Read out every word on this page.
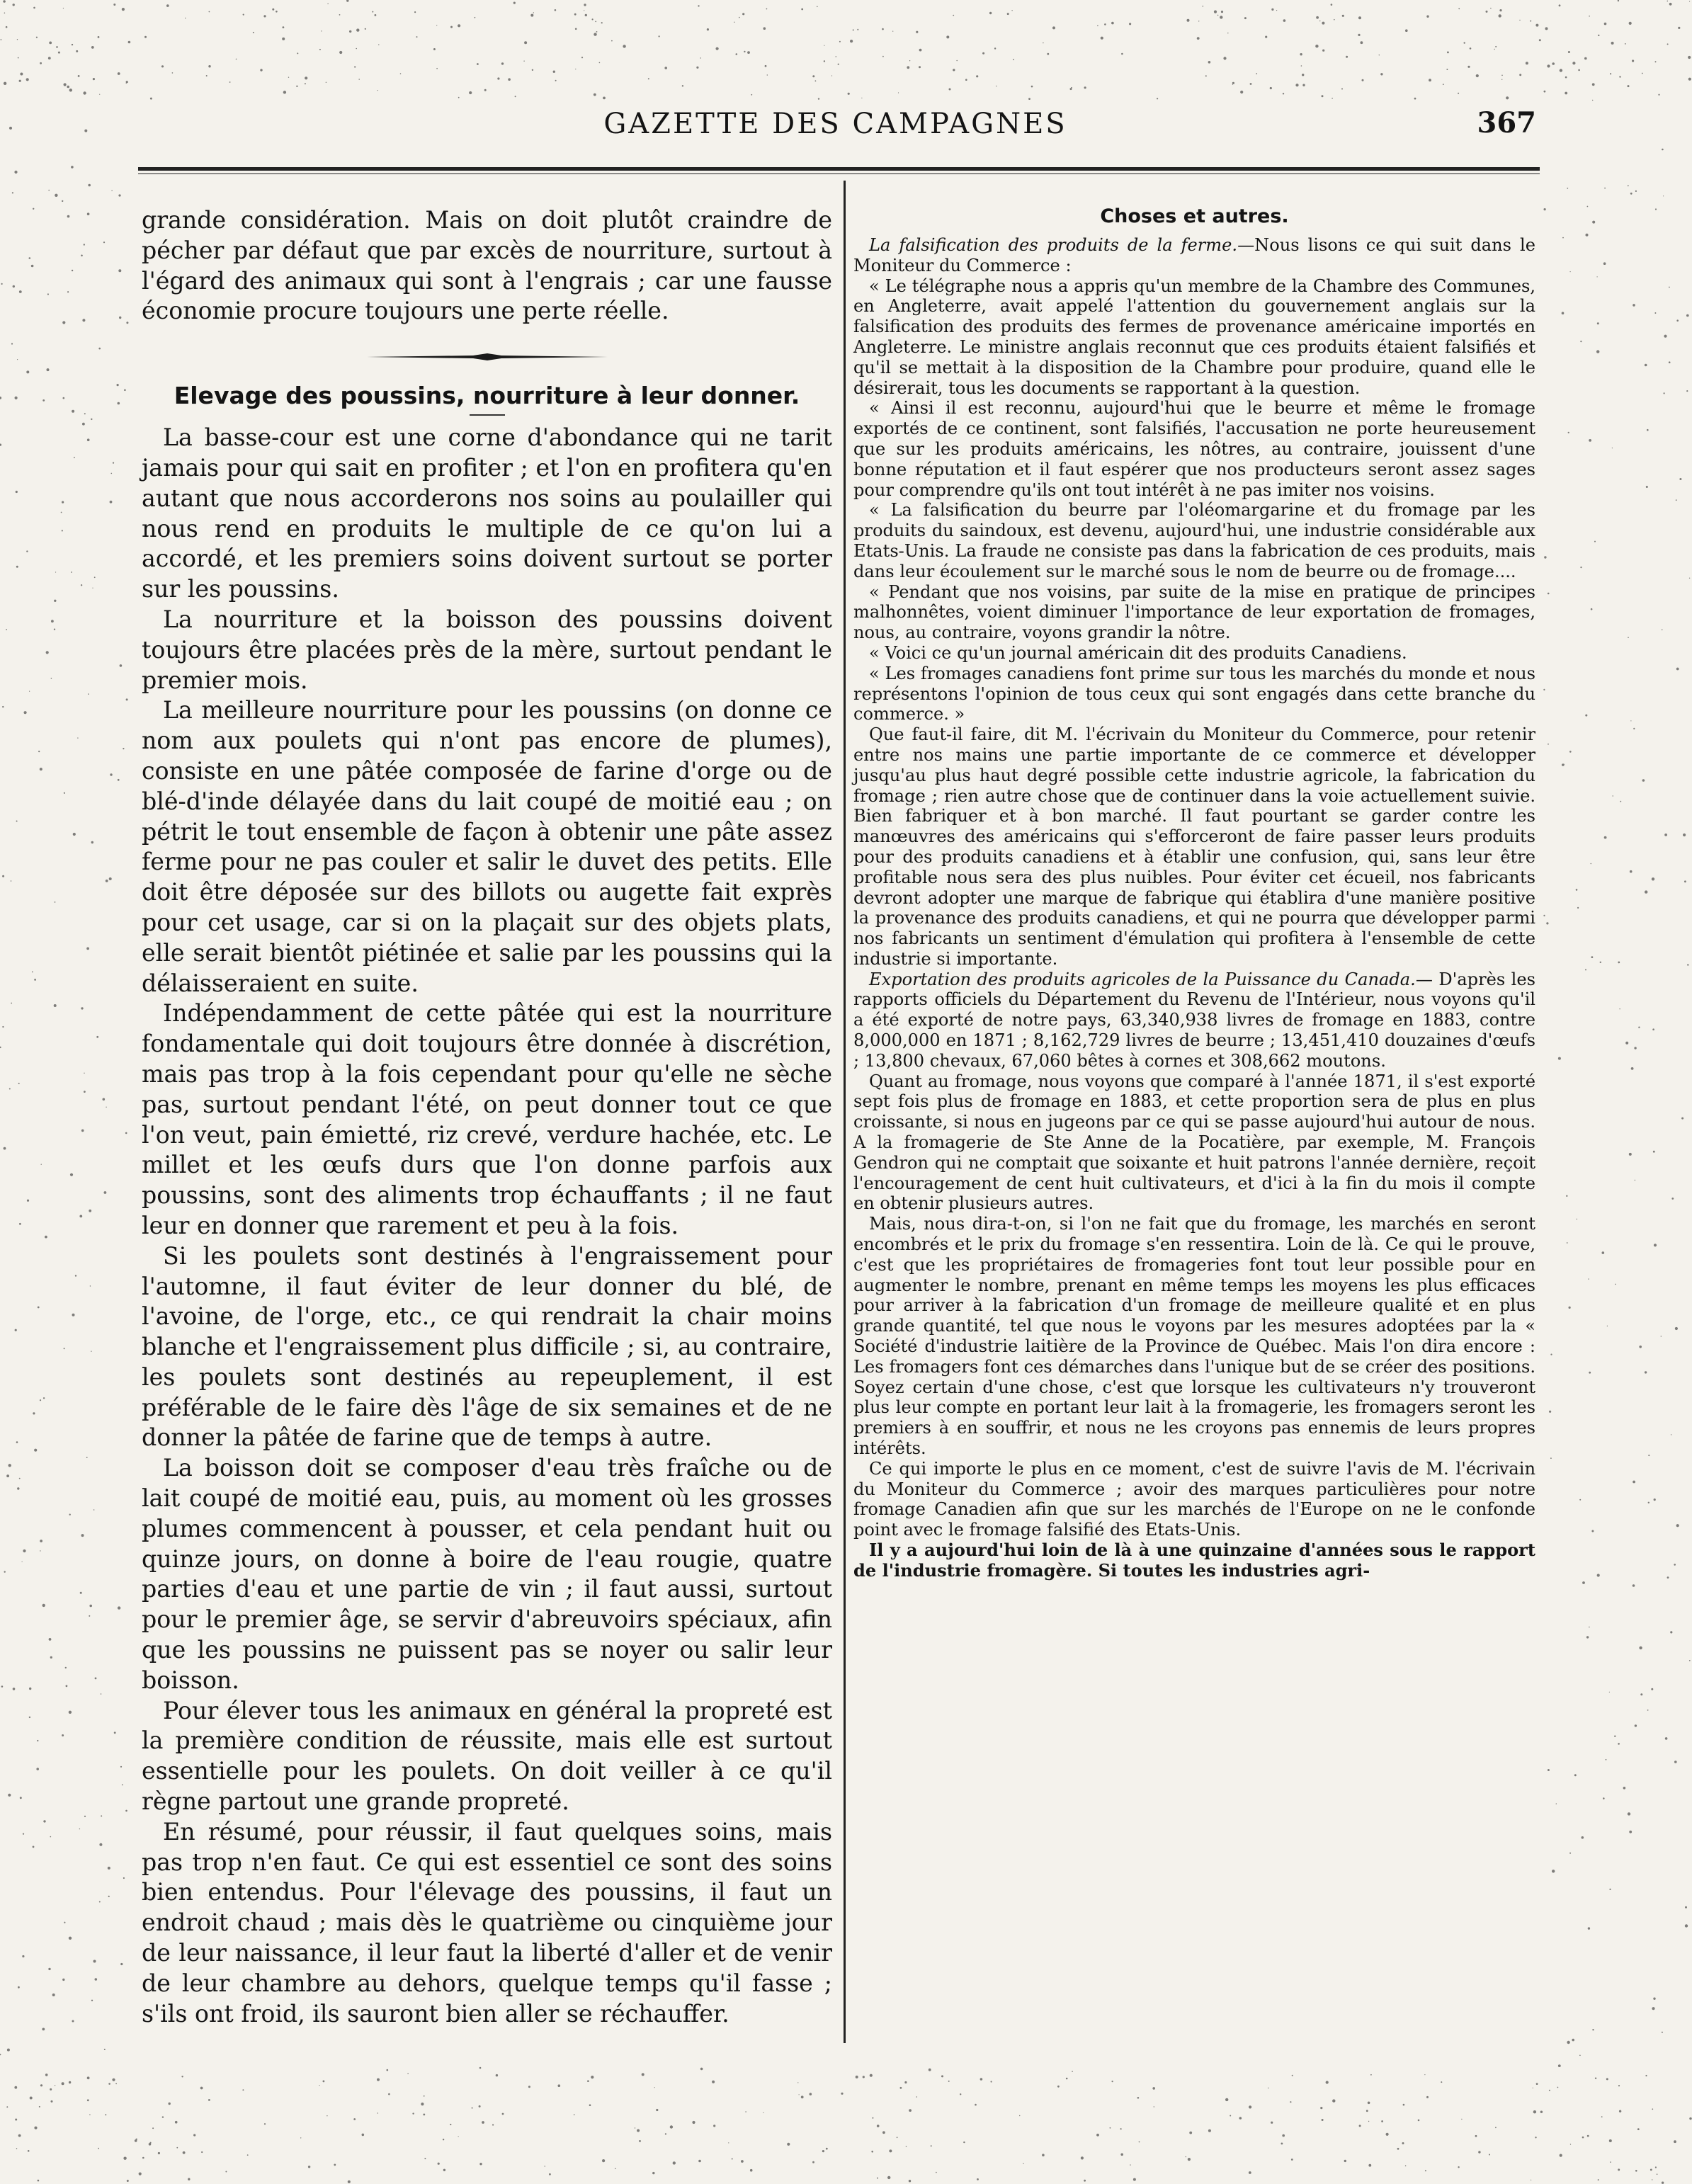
GAZETTE DES CAMPAGNES	367

grande considération. Mais on doit plutôt craindre de pécher par défaut que par excès de nourriture, surtout à l'égard des animaux qui sont à l'engrais ; car une fausse économie procure toujours une perte réelle.

Elevage des poussins, nourriture à leur donner.

La basse-cour est une corne d'abondance qui ne tarit jamais pour qui sait en profiter ; et l'on en profitera qu'en autant que nous accorderons nos soins au poulailler qui nous rend en produits le multiple de ce qu'on lui a accordé, et les premiers soins doivent surtout se porter sur les poussins.

La nourriture et la boisson des poussins doivent toujours être placées près de la mère, surtout pendant le premier mois.

La meilleure nourriture pour les poussins (on donne ce nom aux poulets qui n'ont pas encore de plumes), consiste en une pâtée composée de farine d'orge ou de blé-d'inde délayée dans du lait coupé de moitié eau ; on pétrit le tout ensemble de façon à obtenir une pâte assez ferme pour ne pas couler et salir le duvet des petits. Elle doit être déposée sur des billots ou augette fait exprès pour cet usage, car si on la plaçait sur des objets plats, elle serait bientôt piétinée et salie par les poussins qui la délaisseraient en suite.

Indépendamment de cette pâtée qui est la nourriture fondamentale qui doit toujours être donnée à discrétion, mais pas trop à la fois cependant pour qu'elle ne sèche pas, surtout pendant l'été, on peut donner tout ce que l'on veut, pain émietté, riz crevé, verdure hachée, etc. Le millet et les œufs durs que l'on donne parfois aux poussins, sont des aliments trop échauffants ; il ne faut leur en donner que rarement et peu à la fois.

Si les poulets sont destinés à l'engraissement pour l'automne, il faut éviter de leur donner du blé, de l'avoine, de l'orge, etc., ce qui rendrait la chair moins blanche et l'engraissement plus difficile ; si, au contraire, les poulets sont destinés au repeuplement, il est préférable de le faire dès l'âge de six semaines et de ne donner la pâtée de farine que de temps à autre.

La boisson doit se composer d'eau très fraîche ou de lait coupé de moitié eau, puis, au moment où les grosses plumes commencent à pousser, et cela pendant huit ou quinze jours, on donne à boire de l'eau rougie, quatre parties d'eau et une partie de vin ; il faut aussi, surtout pour le premier âge, se servir d'abreuvoirs spéciaux, afin que les poussins ne puissent pas se noyer ou salir leur boisson.

Pour élever tous les animaux en général la propreté est la première condition de réussite, mais elle est surtout essentielle pour les poulets. On doit veiller à ce qu'il règne partout une grande propreté.

En résumé, pour réussir, il faut quelques soins, mais pas trop n'en faut. Ce qui est essentiel ce sont des soins bien entendus. Pour l'élevage des poussins, il faut un endroit chaud ; mais dès le quatrième ou cinquième jour de leur naissance, il leur faut la liberté d'aller et de venir de leur chambre au dehors, quelque temps qu'il fasse ; s'ils ont froid, ils sauront bien aller se réchauffer.

Choses et autres.

La falsification des produits de la ferme.—Nous lisons ce qui suit dans le Moniteur du Commerce :

« Le télégraphe nous a appris qu'un membre de la Chambre des Communes, en Angleterre, avait appelé l'attention du gouvernement anglais sur la falsification des produits des fermes de provenance américaine importés en Angleterre. Le ministre anglais reconnut que ces produits étaient falsifiés et qu'il se mettait à la disposition de la Chambre pour produire, quand elle le désirerait, tous les documents se rapportant à la question.

« Ainsi il est reconnu, aujourd'hui que le beurre et même le fromage exportés de ce continent, sont falsifiés, l'accusation ne porte heureusement que sur les produits américains, les nôtres, au contraire, jouissent d'une bonne réputation et il faut espérer que nos producteurs seront assez sages pour comprendre qu'ils ont tout intérêt à ne pas imiter nos voisins.

« La falsification du beurre par l'oléomargarine et du fromage par les produits du saindoux, est devenu, aujourd'hui, une industrie considérable aux Etats-Unis. La fraude ne consiste pas dans la fabrication de ces produits, mais dans leur écoulement sur le marché sous le nom de beurre ou de fromage....

« Pendant que nos voisins, par suite de la mise en pratique de principes malhonnêtes, voient diminuer l'importance de leur exportation de fromages, nous, au contraire, voyons grandir la nôtre.

« Voici ce qu'un journal américain dit des produits Canadiens.

« Les fromages canadiens font prime sur tous les marchés du monde et nous représentons l'opinion de tous ceux qui sont engagés dans cette branche du commerce. »

Que faut-il faire, dit M. l'écrivain du Moniteur du Commerce, pour retenir entre nos mains une partie importante de ce commerce et développer jusqu'au plus haut degré possible cette industrie agricole, la fabrication du fromage ; rien autre chose que de continuer dans la voie actuellement suivie. Bien fabriquer et à bon marché. Il faut pourtant se garder contre les manœuvres des américains qui s'efforceront de faire passer leurs produits pour des produits canadiens et à établir une confusion, qui, sans leur être profitable nous sera des plus nuibles. Pour éviter cet écueil, nos fabricants devront adopter une marque de fabrique qui établira d'une manière positive la provenance des produits canadiens, et qui ne pourra que développer parmi nos fabricants un sentiment d'émulation qui profitera à l'ensemble de cette industrie si importante.

Exportation des produits agricoles de la Puissance du Canada.— D'après les rapports officiels du Département du Revenu de l'Intérieur, nous voyons qu'il a été exporté de notre pays, 63,340,938 livres de fromage en 1883, contre 8,000,000 en 1871 ; 8,162,729 livres de beurre ; 13,451,410 douzaines d'œufs ; 13,800 chevaux, 67,060 bêtes à cornes et 308,662 moutons.

Quant au fromage, nous voyons que comparé à l'année 1871, il s'est exporté sept fois plus de fromage en 1883, et cette proportion sera de plus en plus croissante, si nous en jugeons par ce qui se passe aujourd'hui autour de nous. A la fromagerie de Ste Anne de la Pocatière, par exemple, M. François Gendron qui ne comptait que soixante et huit patrons l'année dernière, reçoit l'encouragement de cent huit cultivateurs, et d'ici à la fin du mois il compte en obtenir plusieurs autres.

Mais, nous dira-t-on, si l'on ne fait que du fromage, les marchés en seront encombrés et le prix du fromage s'en ressentira. Loin de là. Ce qui le prouve, c'est que les propriétaires de fromageries font tout leur possible pour en augmenter le nombre, prenant en même temps les moyens les plus efficaces pour arriver à la fabrication d'un fromage de meilleure qualité et en plus grande quantité, tel que nous le voyons par les mesures adoptées par la « Société d'industrie laitière de la Province de Québec. Mais l'on dira encore : Les fromagers font ces démarches dans l'unique but de se créer des positions. Soyez certain d'une chose, c'est que lorsque les cultivateurs n'y trouveront plus leur compte en portant leur lait à la fromagerie, les fromagers seront les premiers à en souffrir, et nous ne les croyons pas ennemis de leurs propres intérêts.

Ce qui importe le plus en ce moment, c'est de suivre l'avis de M. l'écrivain du Moniteur du Commerce ; avoir des marques particulières pour notre fromage Canadien afin que sur les marchés de l'Europe on ne le confonde point avec le fromage falsifié des Etats-Unis.

Il y a aujourd'hui loin de là à une quinzaine d'années sous le rapport de l'industrie fromagère. Si toutes les industries agri-
